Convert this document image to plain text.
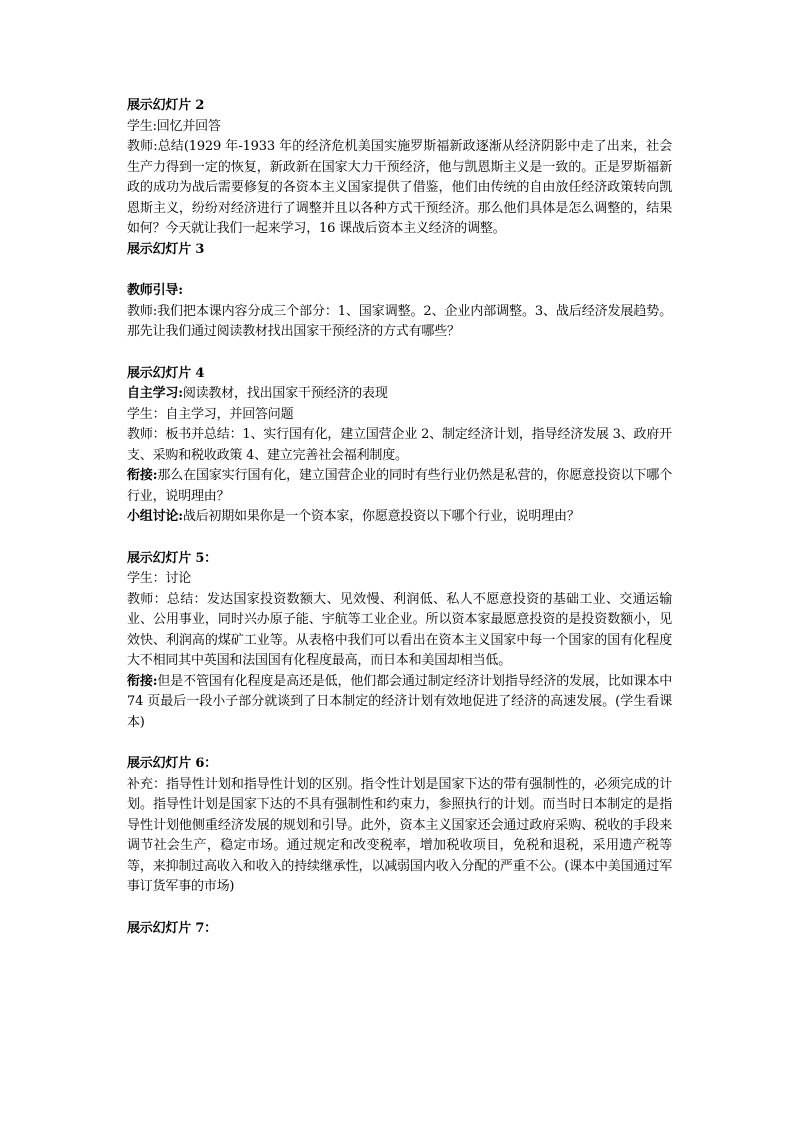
展示幻灯片 2

学生:回忆并回答

教师:总结(1929 年-1933 年的经济危机美国实施罗斯福新政逐渐从经济阴影中走了出来，社会生产力得到一定的恢复，新政新在国家大力干预经济，他与凯恩斯主义是一致的。正是罗斯福新政的成功为战后需要修复的各资本主义国家提供了借鉴，他们由传统的自由放任经济政策转向凯恩斯主义，纷纷对经济进行了调整并且以各种方式干预经济。那么他们具体是怎么调整的，结果如何？今天就让我们一起来学习，16 课战后资本主义经济的调整。

展示幻灯片 3

教师引导:

教师:我们把本课内容分成三个部分：1、国家调整。2、企业内部调整。3、战后经济发展趋势。那先让我们通过阅读教材找出国家干预经济的方式有哪些？

展示幻灯片 4

自主学习:阅读教材，找出国家干预经济的表现

学生：自主学习，并回答问题

教师：板书并总结：1、实行国有化，建立国营企业 2、制定经济计划，指导经济发展 3、政府开支、采购和税收政策 4、建立完善社会福利制度。

衔接:那么在国家实行国有化，建立国营企业的同时有些行业仍然是私营的，你愿意投资以下哪个行业，说明理由？

小组讨论:战后初期如果你是一个资本家，你愿意投资以下哪个行业，说明理由？

展示幻灯片 5：

学生：讨论

教师：总结：发达国家投资数额大、见效慢、利润低、私人不愿意投资的基础工业、交通运输业、公用事业，同时兴办原子能、宇航等工业企业。所以资本家最愿意投资的是投资数额小，见效快、利润高的煤矿工业等。从表格中我们可以看出在资本主义国家中每一个国家的国有化程度大不相同其中英国和法国国有化程度最高，而日本和美国却相当低。

衔接:但是不管国有化程度是高还是低，他们都会通过制定经济计划指导经济的发展，比如课本中 74 页最后一段小子部分就谈到了日本制定的经济计划有效地促进了经济的高速发展。(学生看课本)

展示幻灯片 6：

补充：指导性计划和指导性计划的区别。指令性计划是国家下达的带有强制性的，必须完成的计划。指导性计划是国家下达的不具有强制性和约束力，参照执行的计划。而当时日本制定的是指导性计划他侧重经济发展的规划和引导。此外，资本主义国家还会通过政府采购、税收的手段来调节社会生产，稳定市场。通过规定和改变税率，增加税收项目，免税和退税，采用遗产税等等，来抑制过高收入和收入的持续继承性，以减弱国内收入分配的严重不公。(课本中美国通过军事订货军事的市场)

展示幻灯片 7：
